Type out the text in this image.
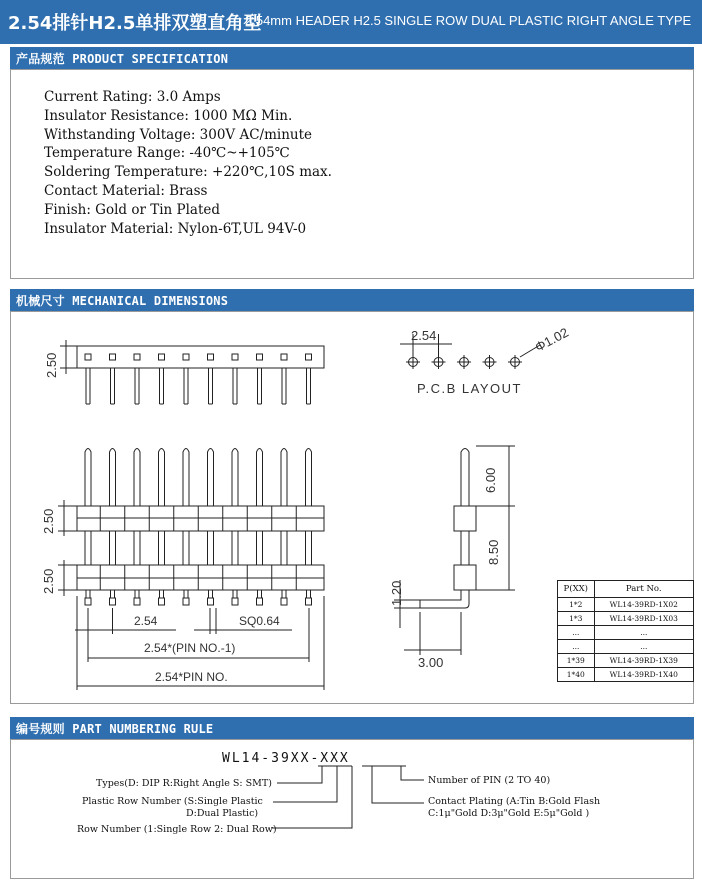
2.54排针H2.5单排双塑直角型
2.54mm HEADER H2.5 SINGLE ROW DUAL PLASTIC RIGHT ANGLE TYPE
产品规范 PRODUCT SPECIFICATION
Current Rating: 3.0 Amps
Insulator Resistance: 1000 MΩ Min.
Withstanding Voltage: 300V AC/minute
Temperature Range: -40℃~+105℃
Soldering Temperature: +220℃,10S max.
Contact Material: Brass
Finish: Gold or Tin Plated
Insulator Material: Nylon-6T,UL 94V-0
机械尺寸 MECHANICAL DIMENSIONS
2.50
2.54	Φ1.02
P.C.B LAYOUT
2.50
2.50
2.54	SQ0.64
2.54*(PIN NO.-1)
2.54*PIN NO.
6.00
8.50
1.20
3.00
P(XX)	Part No.
1*2	WL14-39RD-1X02
1*3	WL14-39RD-1X03
...	...
...	...
1*39	WL14-39RD-1X39
1*40	WL14-39RD-1X40
编号规则 PART NUMBERING RULE
WL14-39XX-XXX
Types(D: DIP R:Right Angle S: SMT)
Plastic Row Number (S:Single Plastic
D:Dual Plastic)
Row Number (1:Single Row 2: Dual Row)
Number of PIN (2 TO 40)
Contact Plating (A:Tin B:Gold Flash
C:1μ"Gold D:3μ"Gold E:5μ"Gold )
